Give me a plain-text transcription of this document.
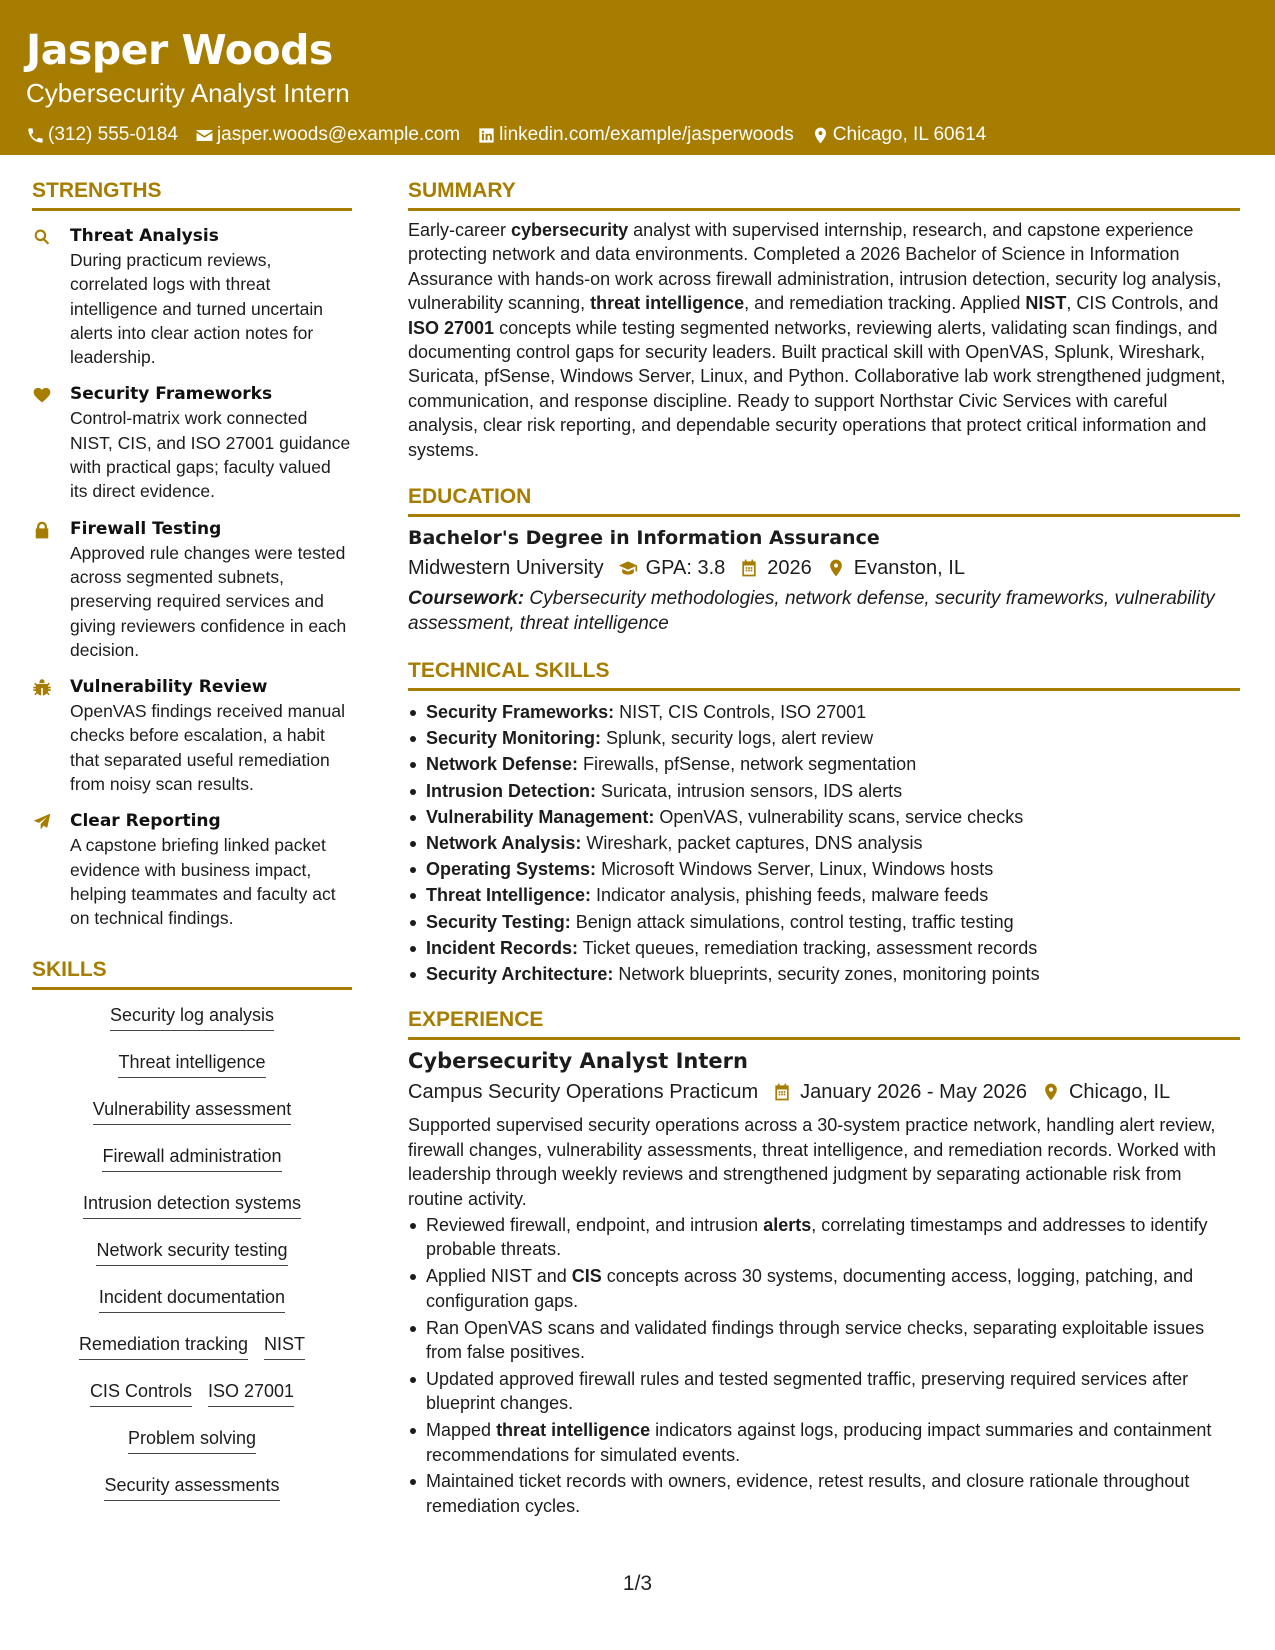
Jasper Woods
Cybersecurity Analyst Intern
(312) 555-0184 jasper.woods@example.com linkedin.com/example/jasperwoods Chicago, IL 60614
STRENGTHS
Threat Analysis
During practicum reviews, correlated logs with threat intelligence and turned uncertain alerts into clear action notes for leadership.
Security Frameworks
Control-matrix work connected NIST, CIS, and ISO 27001 guidance with practical gaps; faculty valued its direct evidence.
Firewall Testing
Approved rule changes were tested across segmented subnets, preserving required services and giving reviewers confidence in each decision.
Vulnerability Review
OpenVAS findings received manual checks before escalation, a habit that separated useful remediation from noisy scan results.
Clear Reporting
A capstone briefing linked packet evidence with business impact, helping teammates and faculty act on technical findings.
SKILLS
Security log analysis
Threat intelligence
Vulnerability assessment
Firewall administration
Intrusion detection systems
Network security testing
Incident documentation
Remediation tracking NIST
CIS Controls ISO 27001
Problem solving
Security assessments
SUMMARY
Early-career cybersecurity analyst with supervised internship, research, and capstone experience protecting network and data environments. Completed a 2026 Bachelor of Science in Information Assurance with hands-on work across firewall administration, intrusion detection, security log analysis, vulnerability scanning, threat intelligence, and remediation tracking. Applied NIST, CIS Controls, and ISO 27001 concepts while testing segmented networks, reviewing alerts, validating scan findings, and documenting control gaps for security leaders. Built practical skill with OpenVAS, Splunk, Wireshark, Suricata, pfSense, Windows Server, Linux, and Python. Collaborative lab work strengthened judgment, communication, and response discipline. Ready to support Northstar Civic Services with careful analysis, clear risk reporting, and dependable security operations that protect critical information and systems.
EDUCATION
Bachelor's Degree in Information Assurance
Midwestern University GPA: 3.8 2026 Evanston, IL
Coursework: Cybersecurity methodologies, network defense, security frameworks, vulnerability assessment, threat intelligence
TECHNICAL SKILLS
Security Frameworks: NIST, CIS Controls, ISO 27001
Security Monitoring: Splunk, security logs, alert review
Network Defense: Firewalls, pfSense, network segmentation
Intrusion Detection: Suricata, intrusion sensors, IDS alerts
Vulnerability Management: OpenVAS, vulnerability scans, service checks
Network Analysis: Wireshark, packet captures, DNS analysis
Operating Systems: Microsoft Windows Server, Linux, Windows hosts
Threat Intelligence: Indicator analysis, phishing feeds, malware feeds
Security Testing: Benign attack simulations, control testing, traffic testing
Incident Records: Ticket queues, remediation tracking, assessment records
Security Architecture: Network blueprints, security zones, monitoring points
EXPERIENCE
Cybersecurity Analyst Intern
Campus Security Operations Practicum January 2026 - May 2026 Chicago, IL
Supported supervised security operations across a 30-system practice network, handling alert review, firewall changes, vulnerability assessments, threat intelligence, and remediation records. Worked with leadership through weekly reviews and strengthened judgment by separating actionable risk from routine activity.
Reviewed firewall, endpoint, and intrusion alerts, correlating timestamps and addresses to identify probable threats.
Applied NIST and CIS concepts across 30 systems, documenting access, logging, patching, and configuration gaps.
Ran OpenVAS scans and validated findings through service checks, separating exploitable issues from false positives.
Updated approved firewall rules and tested segmented traffic, preserving required services after blueprint changes.
Mapped threat intelligence indicators against logs, producing impact summaries and containment recommendations for simulated events.
Maintained ticket records with owners, evidence, retest results, and closure rationale throughout remediation cycles.
1/3
